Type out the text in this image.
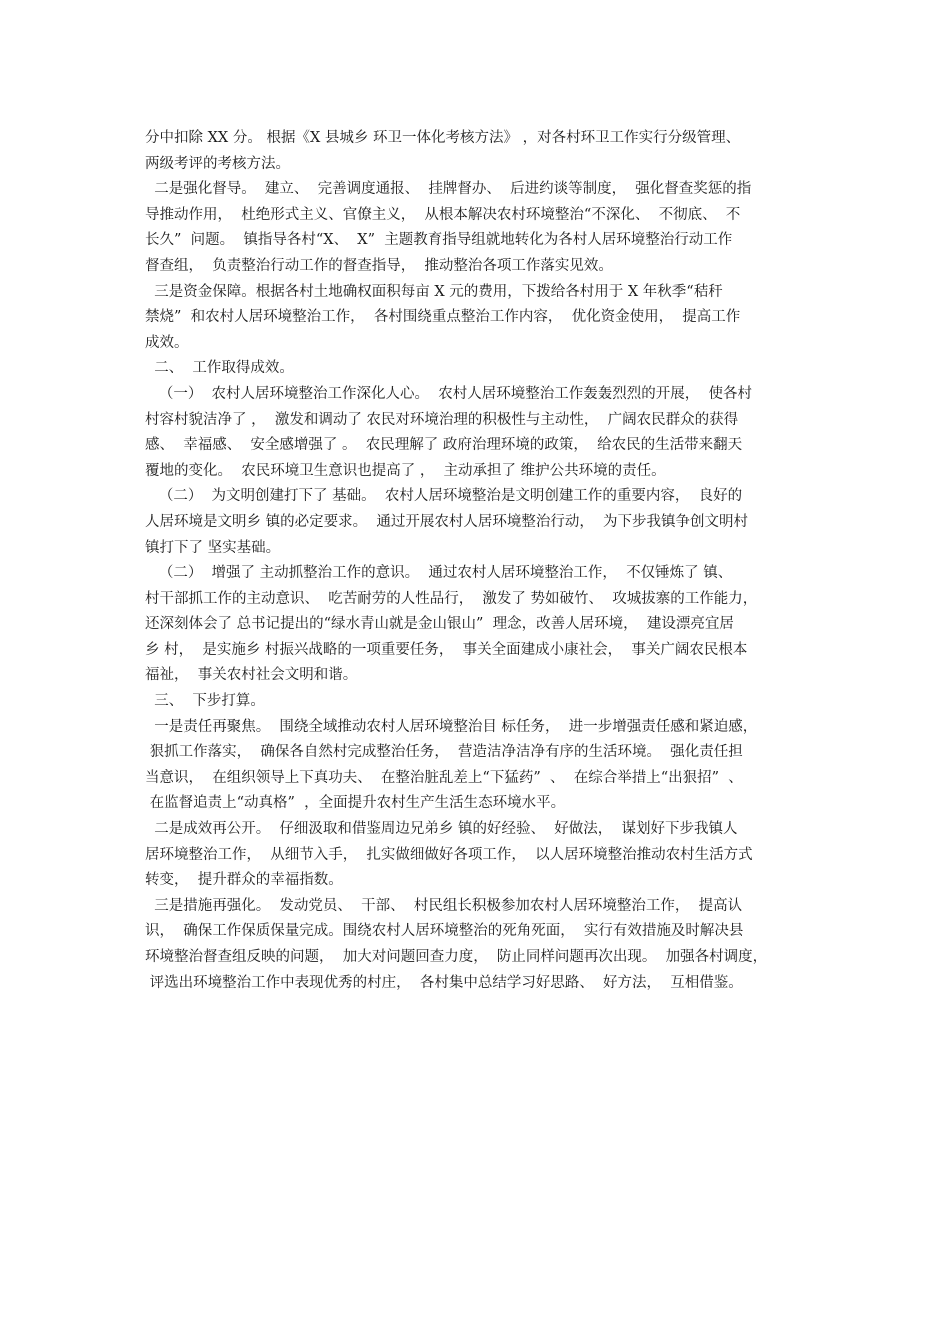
分中扣除 XX 分。 根据《X 县城乡 环卫一体化考核方法》 ，对各村环卫工作实行分级管理、
两级考评的考核方法。
二是强化督导。  建立、  完善调度通报、  挂牌督办、  后进约谈等制度，  强化督查奖惩的指
导推动作用，  杜绝形式主义、官僚主义，  从根本解决农村环境整治“不深化、  不彻底、  不
长久”  问题。  镇指导各村“X、  X”  主题教育指导组就地转化为各村人居环境整治行动工作
督查组，  负责整治行动工作的督查指导，  推动整治各项工作落实见效。
三是资金保障。根据各村土地确权面积每亩 X 元的费用，下拨给各村用于 X 年秋季“秸秆
禁烧”  和农村人居环境整治工作，  各村围绕重点整治工作内容，  优化资金使用，  提高工作
成效。
二、  工作取得成效。
（一）  农村人居环境整治工作深化人心。  农村人居环境整治工作轰轰烈烈的开展，  使各村
村容村貌洁净了 ，  激发和调动了 农民对环境治理的积极性与主动性，  广阔农民群众的获得
感、  幸福感、  安全感增强了 。  农民理解了 政府治理环境的政策，  给农民的生活带来翻天
覆地的变化。  农民环境卫生意识也提高了 ，  主动承担了 维护公共环境的责任。
（二）  为文明创建打下了 基础。  农村人居环境整治是文明创建工作的重要内容，  良好的
人居环境是文明乡 镇的必定要求。  通过开展农村人居环境整治行动，  为下步我镇争创文明村
镇打下了 坚实基础。
（二）  增强了 主动抓整治工作的意识。  通过农村人居环境整治工作，  不仅锤炼了 镇、
村干部抓工作的主动意识、  吃苦耐劳的人性品行，  激发了 势如破竹、  攻城拔寨的工作能力，
还深刻体会了 总书记提出的“绿水青山就是金山银山”  理念，改善人居环境，  建设漂亮宜居
乡 村，  是实施乡 村振兴战略的一项重要任务，  事关全面建成小康社会，  事关广阔农民根本
福祉，  事关农村社会文明和谐。
三、  下步打算。
一是责任再聚焦。  围绕全域推动农村人居环境整治目 标任务，  进一步增强责任感和紧迫感，
狠抓工作落实，  确保各自然村完成整治任务，  营造洁净洁净有序的生活环境。  强化责任担
当意识，  在组织领导上下真功夫、  在整治脏乱差上“下猛药”  、  在综合举措上“出狠招”  、
在监督追责上“动真格”  ，全面提升农村生产生活生态环境水平。
二是成效再公开。  仔细汲取和借鉴周边兄弟乡 镇的好经验、  好做法，  谋划好下步我镇人
居环境整治工作，  从细节入手，  扎实做细做好各项工作，  以人居环境整治推动农村生活方式
转变，  提升群众的幸福指数。
三是措施再强化。  发动党员、  干部、  村民组长积极参加农村人居环境整治工作，  提高认
识，  确保工作保质保量完成。围绕农村人居环境整治的死角死面，  实行有效措施及时解决县
环境整治督查组反映的问题，  加大对问题回查力度，  防止同样问题再次出现。  加强各村调度，
评选出环境整治工作中表现优秀的村庄，  各村集中总结学习好思路、  好方法，  互相借鉴。
